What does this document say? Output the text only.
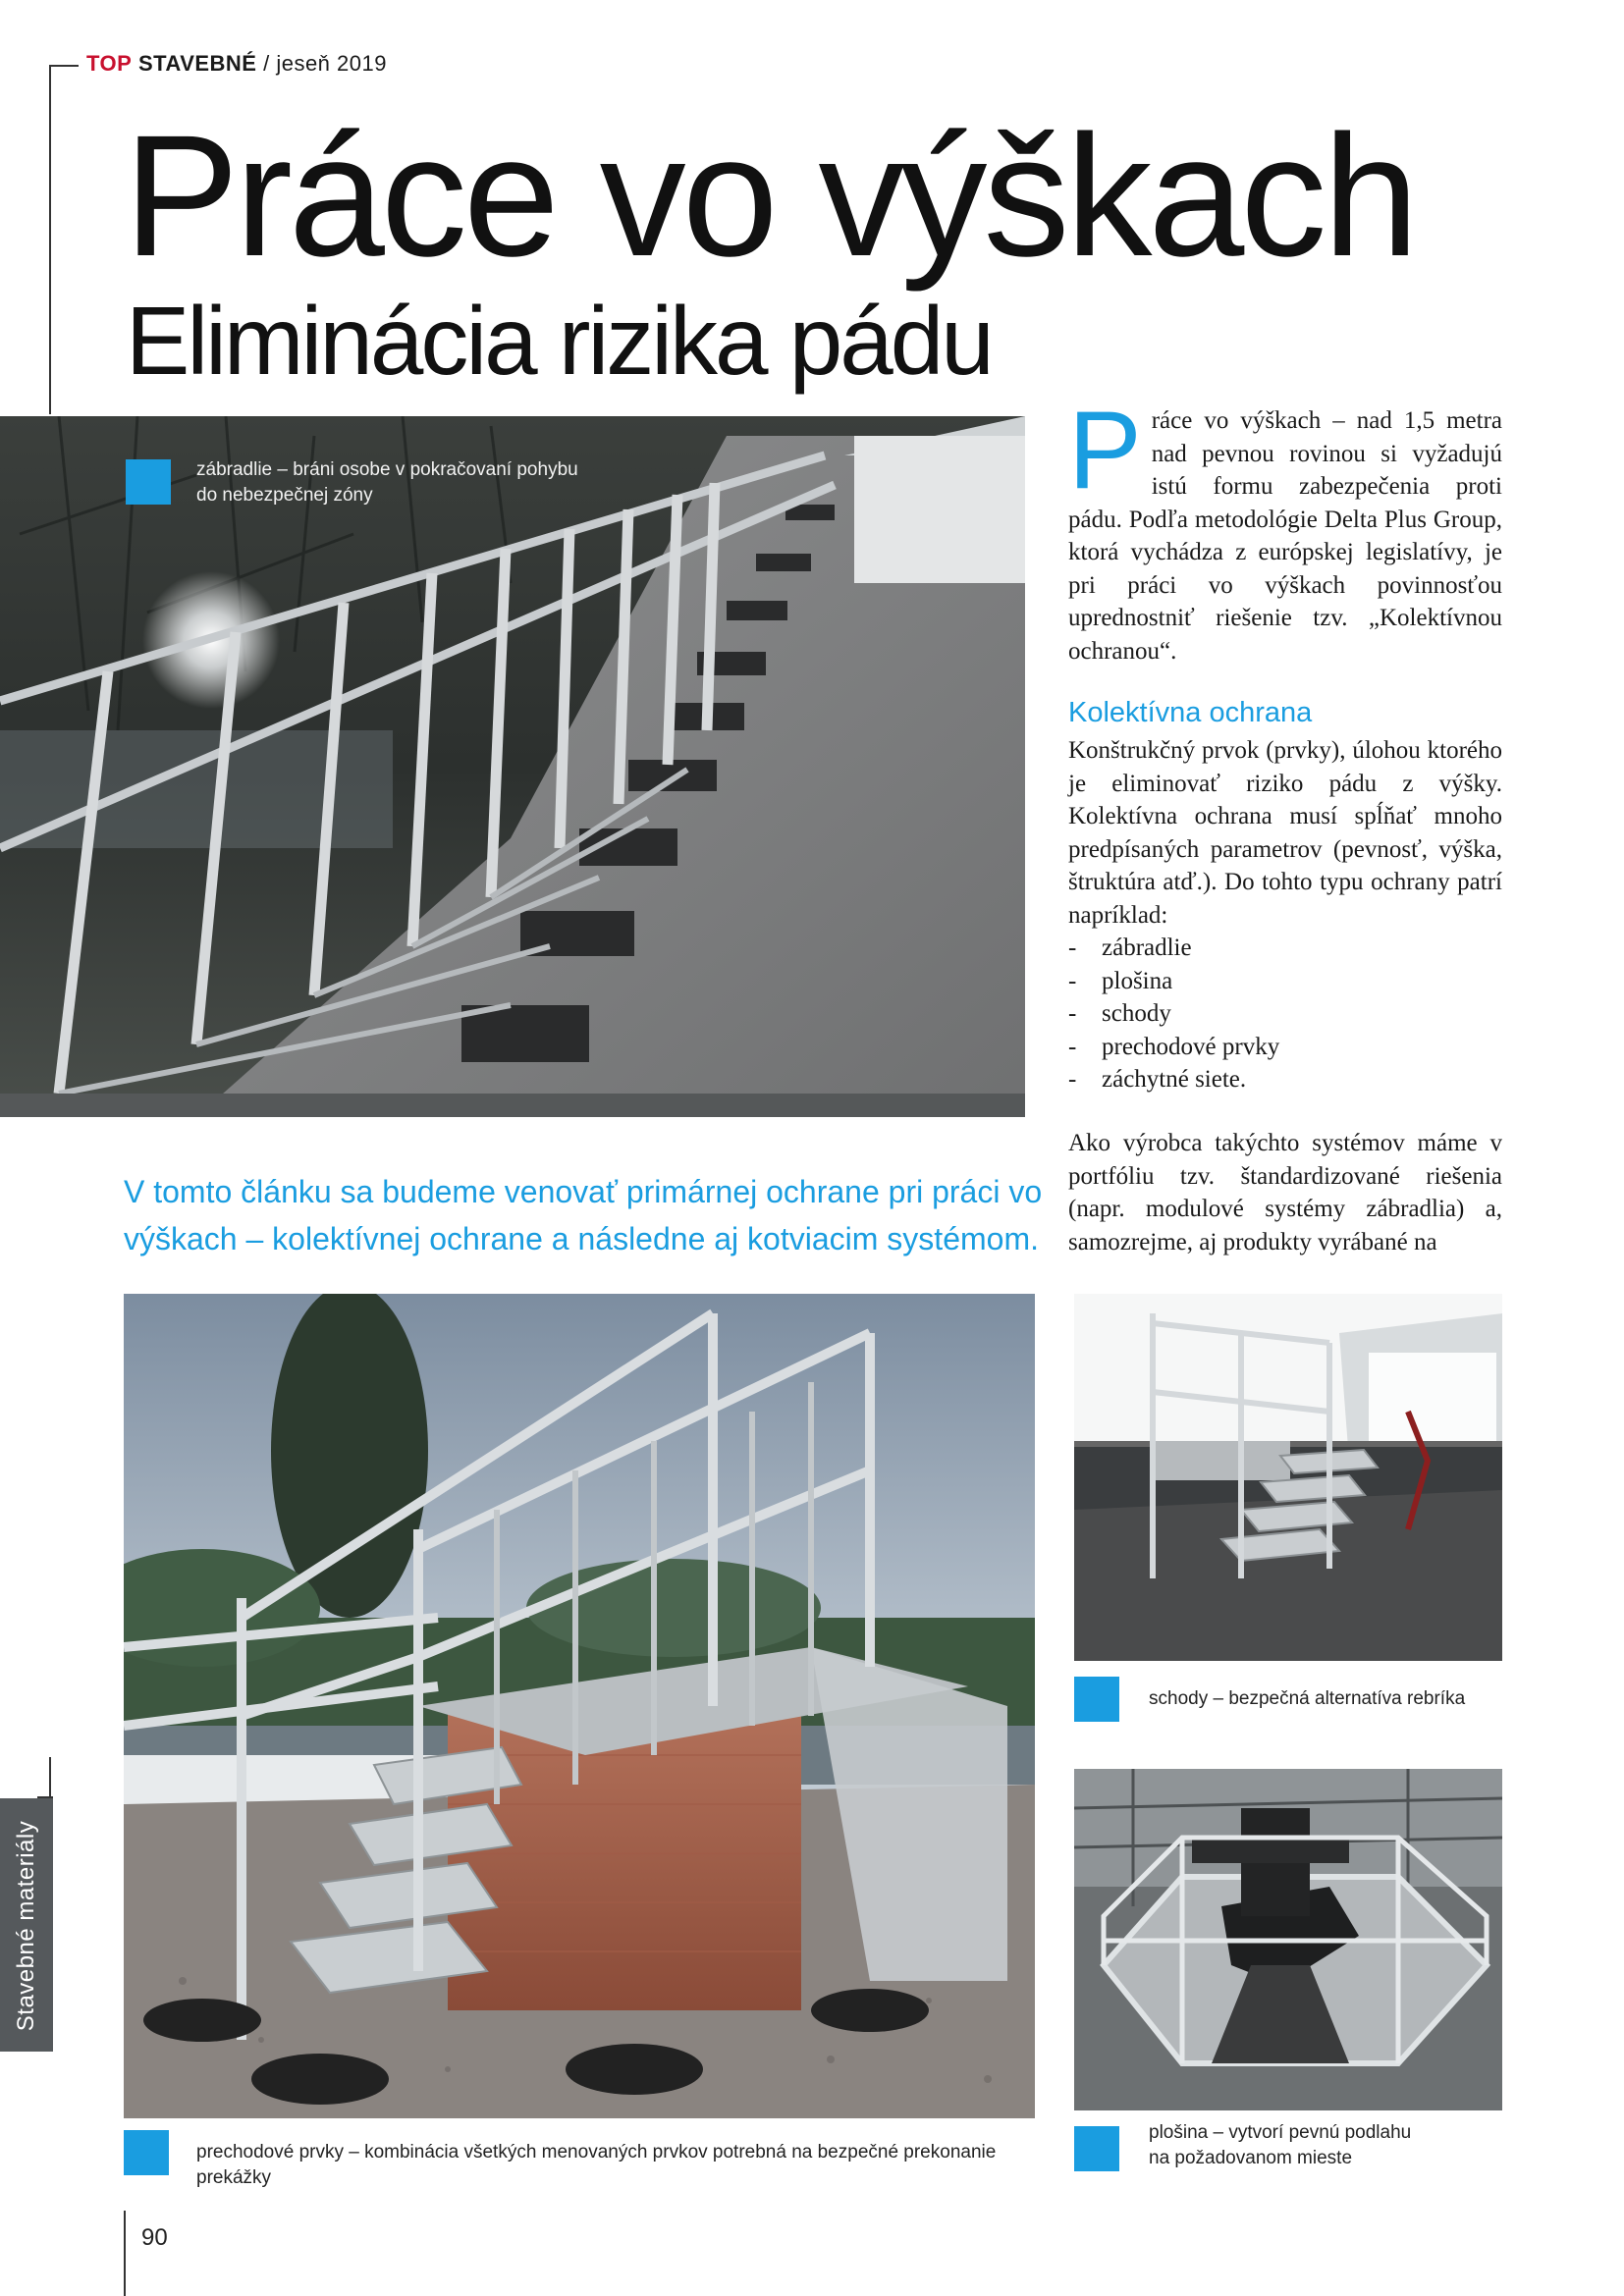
TOP STAVEBNÉ / jeseň 2019
Práce vo výškach
Eliminácia rizika pádu
zábradlie – bráni osobe v pokračovaní pohybu
do nebezpečnej zóny	Práce vo výškach – nad 1,5 metra nad pevnou rovinou si vyžadujú istú formu zabezpečenia proti pádu. Podľa metodológie Delta Plus Group, ktorá vychádza z európskej legislatívy, je pri práci vo výškach povinnosťou uprednostniť riešenie tzv. „Kolektívnou ochranou“.
Kolektívna ochrana
Konštrukčný prvok (prvky), úlohou ktorého je eliminovať riziko pádu z výšky. Kolektívna ochrana musí spĺňať mnoho predpísaných parametrov (pevnosť, výška, štruktúra atď.). Do tohto typu ochrany patrí napríklad:
- zábradlie
- plošina
- schody
- prechodové prvky
- záchytné siete.
Ako výrobca takýchto systémov máme v portfóliu tzv. štandardizované riešenia (napr. modulové systémy zábradlia) a, samozrejme, aj produkty vyrábané na
V tomto článku sa budeme venovať primárnej ochrane pri práci vo výškach – kolektívnej ochrane a následne aj kotviacim systémom.
schody – bezpečná alternatíva rebríka
plošina – vytvorí pevnú podlahu
na požadovanom mieste
prechodové prvky – kombinácia všetkých menovaných prvkov potrebná na bezpečné prekonanie prekážky
Stavebné materiály
90
